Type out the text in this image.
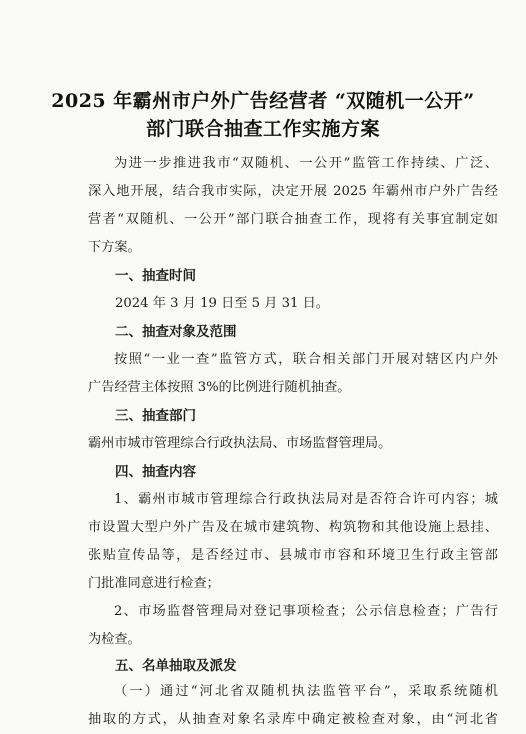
2025 年霸州市户外广告经营者 “双随机一公开”
部门联合抽查工作实施方案
为进一步推进我市“双随机、一公开”监管工作持续、广泛、
深入地开展，结合我市实际，决定开展 2025 年霸州市户外广告经
营者“双随机、一公开”部门联合抽查工作，现将有关事宜制定如
下方案。
一、抽查时间
2024 年 3 月 19 日至 5 月 31 日。
二、抽查对象及范围
按照“一业一查”监管方式，联合相关部门开展对辖区内户外
广告经营主体按照 3%的比例进行随机抽查。
三、抽查部门
霸州市城市管理综合行政执法局、市场监督管理局。
四、抽查内容
1、霸州市城市管理综合行政执法局对是否符合许可内容；城
市设置大型户外广告及在城市建筑物、构筑物和其他设施上悬挂、
张贴宣传品等，是否经过市、县城市市容和环境卫生行政主管部
门批准同意进行检查；
2、市场监督管理局对登记事项检查；公示信息检查；广告行
为检查。
五、名单抽取及派发
（一）通过“河北省双随机执法监管平台”，采取系统随机
抽取的方式，从抽查对象名录库中确定被检查对象，由“河北省
